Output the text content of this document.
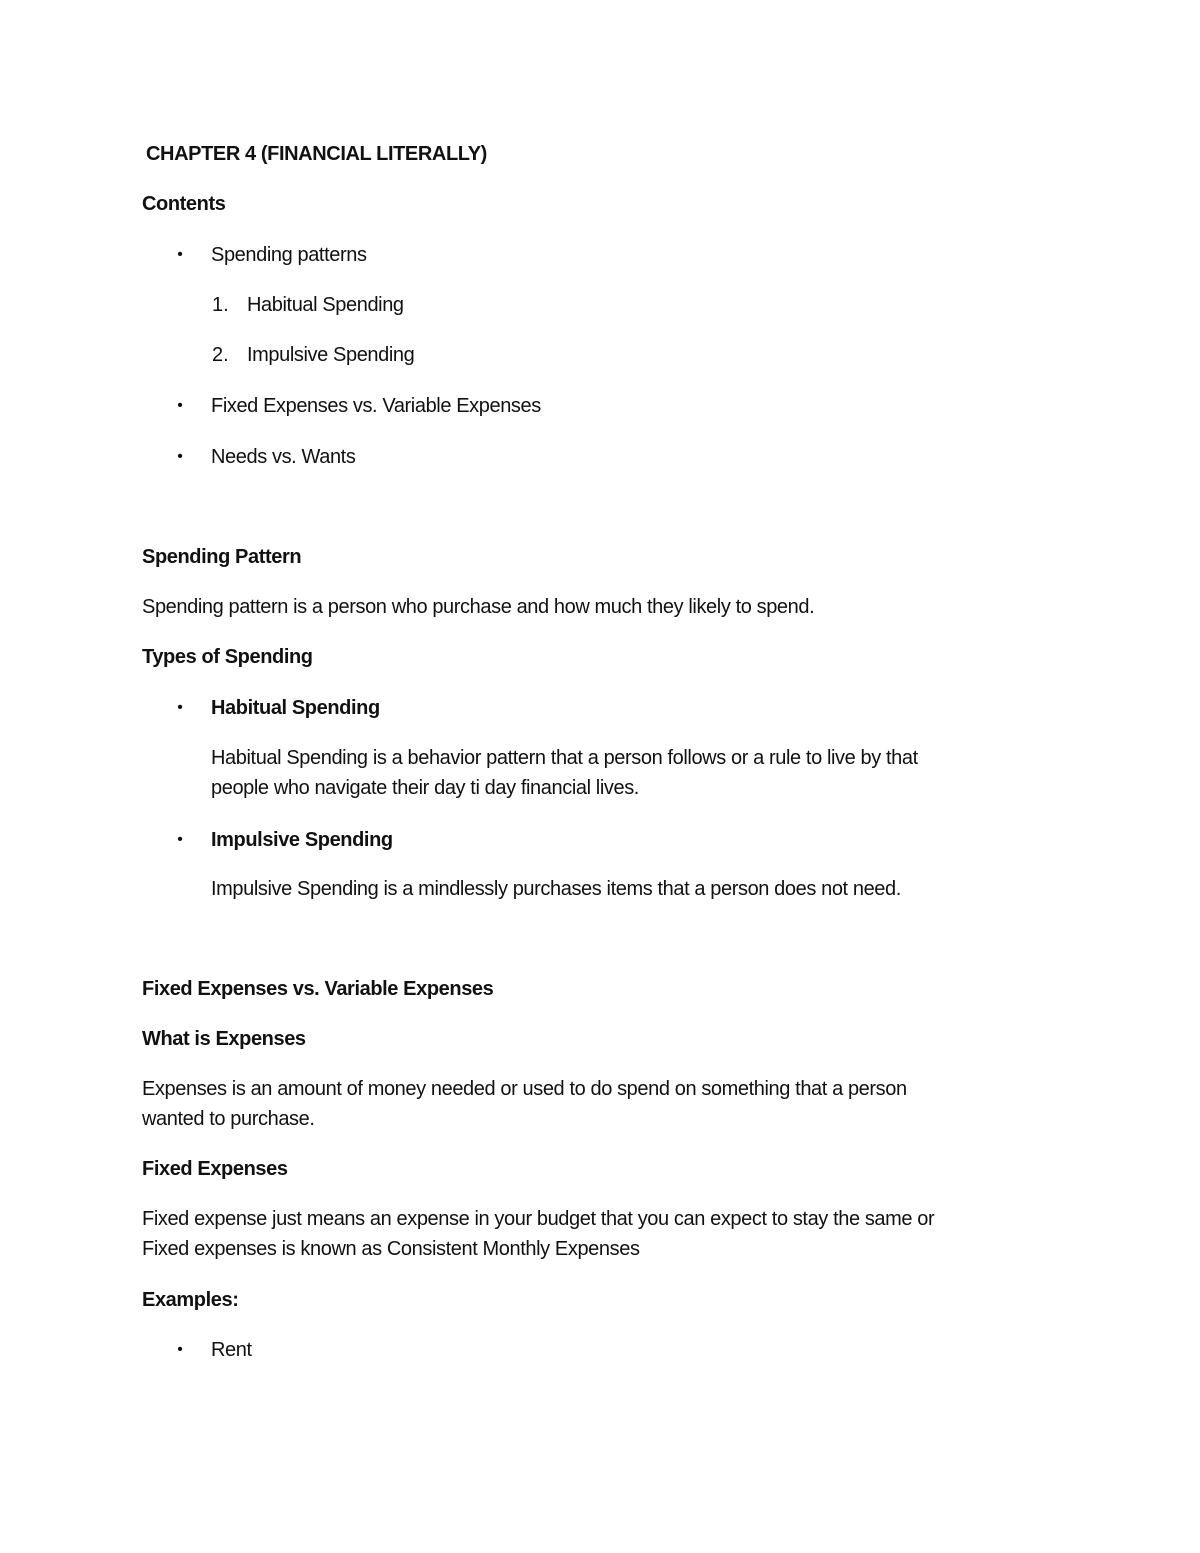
CHAPTER 4 (FINANCIAL LITERALLY)
Contents
• Spending patterns
1. Habitual Spending
2. Impulsive Spending
• Fixed Expenses vs. Variable Expenses
• Needs vs. Wants
Spending Pattern
Spending pattern is a person who purchase and how much they likely to spend.
Types of Spending
• Habitual Spending
Habitual Spending is a behavior pattern that a person follows or a rule to live by that
people who navigate their day ti day financial lives.
• Impulsive Spending
Impulsive Spending is a mindlessly purchases items that a person does not need.
Fixed Expenses vs. Variable Expenses
What is Expenses
Expenses is an amount of money needed or used to do spend on something that a person
wanted to purchase.
Fixed Expenses
Fixed expense just means an expense in your budget that you can expect to stay the same or
Fixed expenses is known as Consistent Monthly Expenses
Examples:
• Rent
